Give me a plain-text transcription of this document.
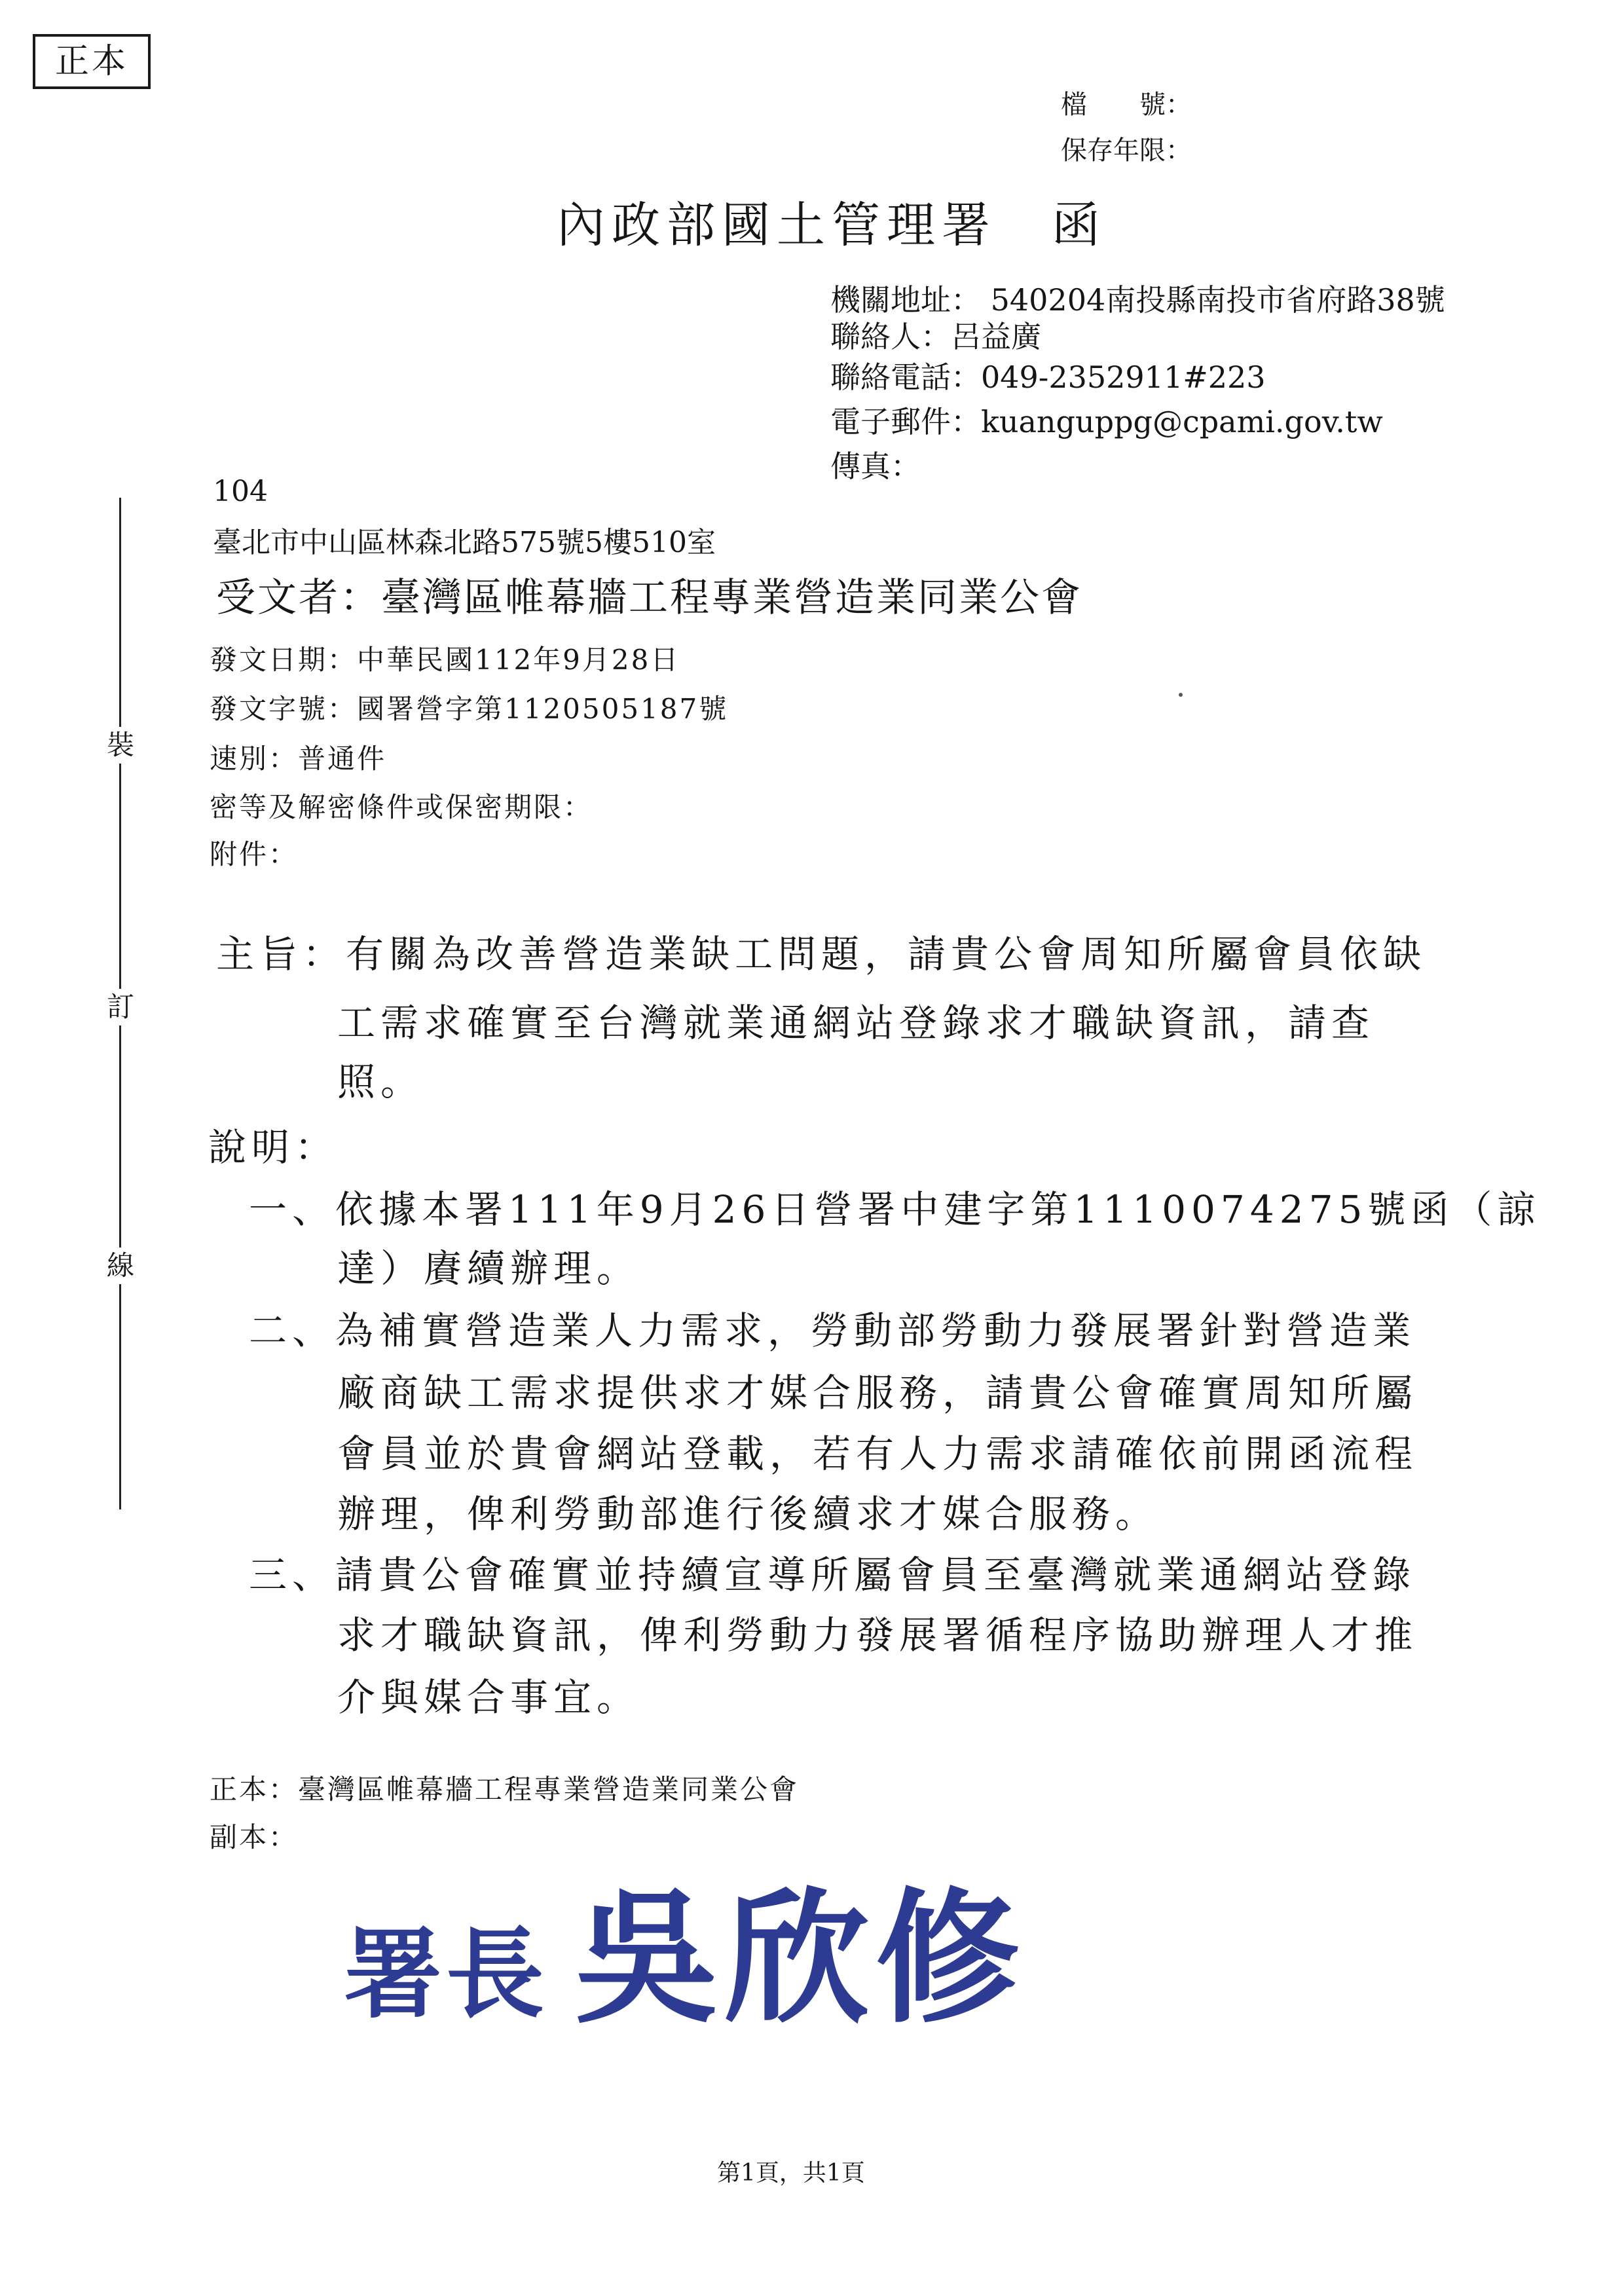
正本
檔　　號：
保存年限：
內政部國土管理署　函
機關地址： 540204南投縣南投市省府路38號
聯絡人：呂益廣
聯絡電話：049-2352911#223
電子郵件：kuanguppg@cpami.gov.tw
傳真：
裝
訂
線
104
臺北市中山區林森北路575號5樓510室
受文者：臺灣區帷幕牆工程專業營造業同業公會
發文日期：中華民國112年9月28日
發文字號：國署營字第1120505187號
速別：普通件
密等及解密條件或保密期限：
附件：
主旨：有關為改善營造業缺工問題，請貴公會周知所屬會員依缺
工需求確實至台灣就業通網站登錄求才職缺資訊，請查
照。
說明：
一、依據本署111年9月26日營署中建字第1110074275號函（諒
達）賡續辦理。
二、為補實營造業人力需求，勞動部勞動力發展署針對營造業
廠商缺工需求提供求才媒合服務，請貴公會確實周知所屬
會員並於貴會網站登載，若有人力需求請確依前開函流程
辦理，俾利勞動部進行後續求才媒合服務。
三、請貴公會確實並持續宣導所屬會員至臺灣就業通網站登錄
求才職缺資訊，俾利勞動力發展署循程序協助辦理人才推
介與媒合事宜。
正本：臺灣區帷幕牆工程專業營造業同業公會
副本：
署長 吳欣修
第1頁，共1頁
